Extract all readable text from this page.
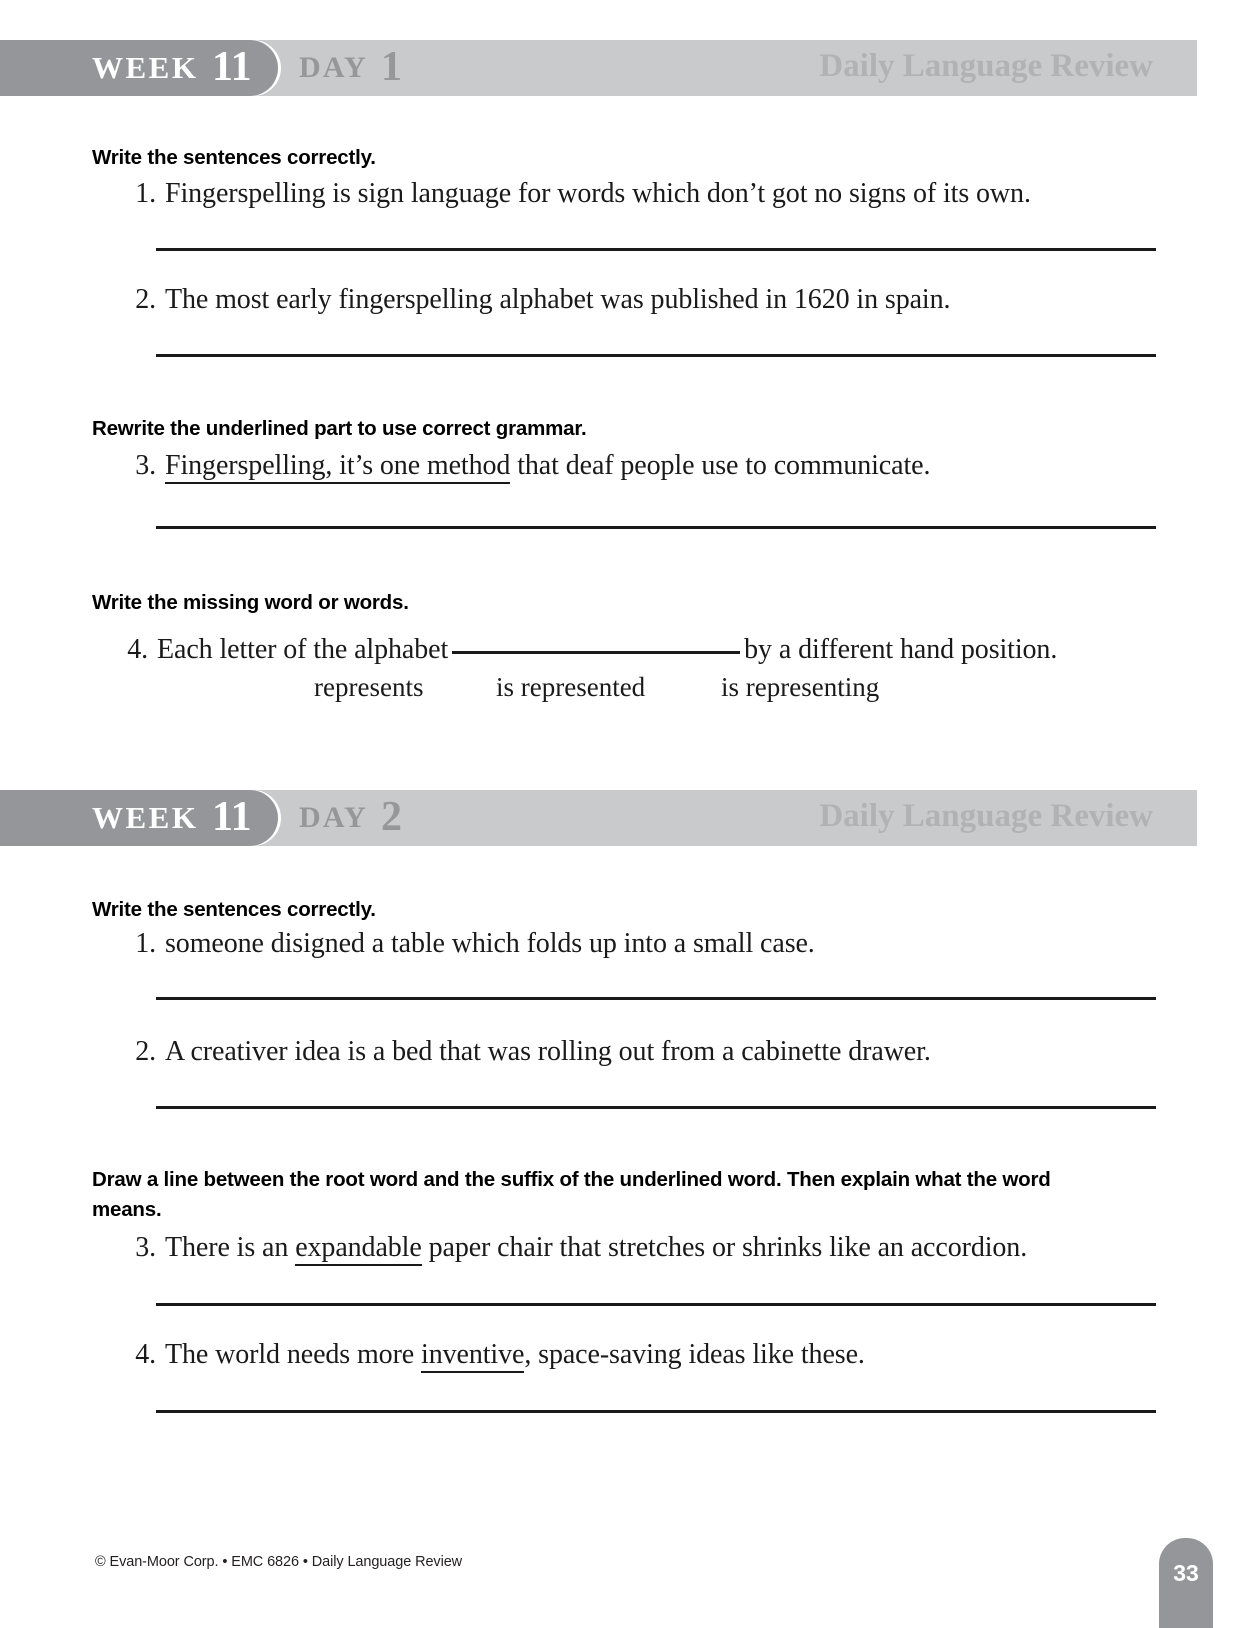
WEEK 11 DAY 1	Daily Language Review
Write the sentences correctly.
1. Fingerspelling is sign language for words which don’t got no signs of its own.
2. The most early fingerspelling alphabet was published in 1620 in spain.
Rewrite the underlined part to use correct grammar.
3. Fingerspelling, it’s one method that deaf people use to communicate.
Write the missing word or words.
4. Each letter of the alphabet	by a different hand position.
represents	is represented	is representing
WEEK 11 DAY 2	Daily Language Review
Write the sentences correctly.
1. someone disigned a table which folds up into a small case.
2. A creativer idea is a bed that was rolling out from a cabinette drawer.
Draw a line between the root word and the suffix of the underlined word. Then explain what the word means.
3. There is an expandable paper chair that stretches or shrinks like an accordion.
4. The world needs more inventive, space-saving ideas like these.
© Evan-Moor Corp. • EMC 6826 • Daily Language Review	33
